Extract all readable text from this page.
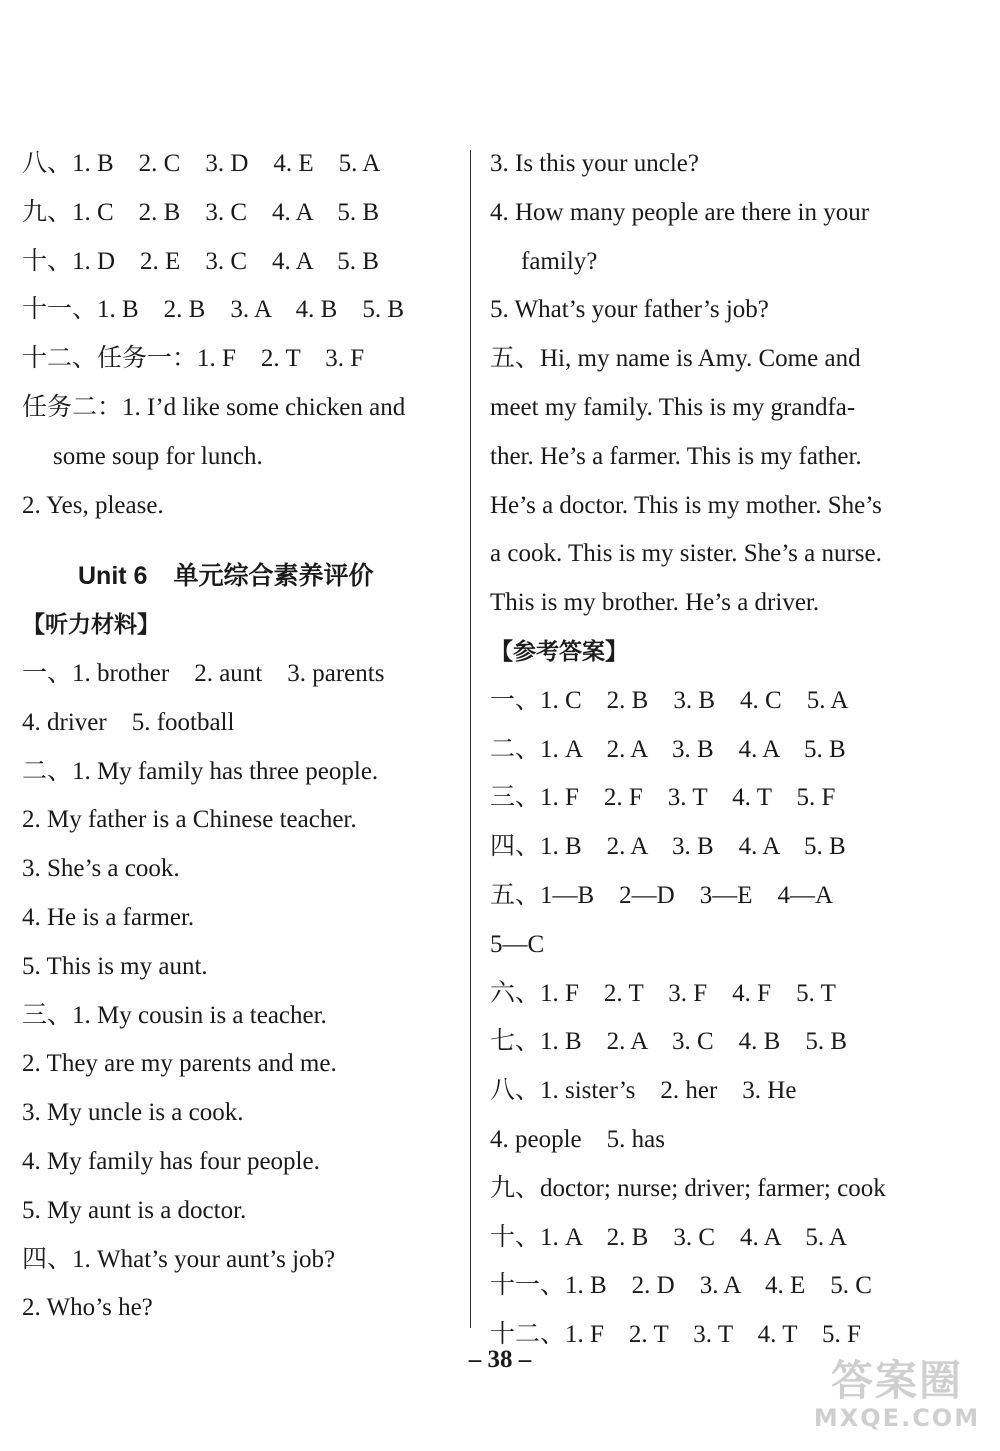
八、1. B　2. C　3. D　4. E　5. A
九、1. C　2. B　3. C　4. A　5. B
十、1. D　2. E　3. C　4. A　5. B
十一、1. B　2. B　3. A　4. B　5. B
十二、任务一：1. F　2. T　3. F
任务二：1. I’d like some chicken and
some soup for lunch.
2. Yes, please.
Unit 6 单元综合素养评价
【听力材料】
一、1. brother　2. aunt　3. parents
4. driver　5. football
二、1. My family has three people.
2. My father is a Chinese teacher.
3. She’s a cook.
4. He is a farmer.
5. This is my aunt.
三、1. My cousin is a teacher.
2. They are my parents and me.
3. My uncle is a cook.
4. My family has four people.
5. My aunt is a doctor.
四、1. What’s your aunt’s job?
2. Who’s he?
3. Is this your uncle?
4. How many people are there in your
family?
5. What’s your father’s job?
五、Hi, my name is Amy. Come and
meet my family. This is my grandfa-
ther. He’s a farmer. This is my father.
He’s a doctor. This is my mother. She’s
a cook. This is my sister. She’s a nurse.
This is my brother. He’s a driver.
【参考答案】
一、1. C　2. B　3. B　4. C　5. A
二、1. A　2. A　3. B　4. A　5. B
三、1. F　2. F　3. T　4. T　5. F
四、1. B　2. A　3. B　4. A　5. B
五、1—B　2—D　3—E　4—A
5—C
六、1. F　2. T　3. F　4. F　5. T
七、1. B　2. A　3. C　4. B　5. B
八、1. sister’s　2. her　3. He
4. people　5. has
九、doctor; nurse; driver; farmer; cook
十、1. A　2. B　3. C　4. A　5. A
十一、1. B　2. D　3. A　4. E　5. C
十二、1. F　2. T　3. T　4. T　5. F
– 38 –	答案圈
MXQE.COM
